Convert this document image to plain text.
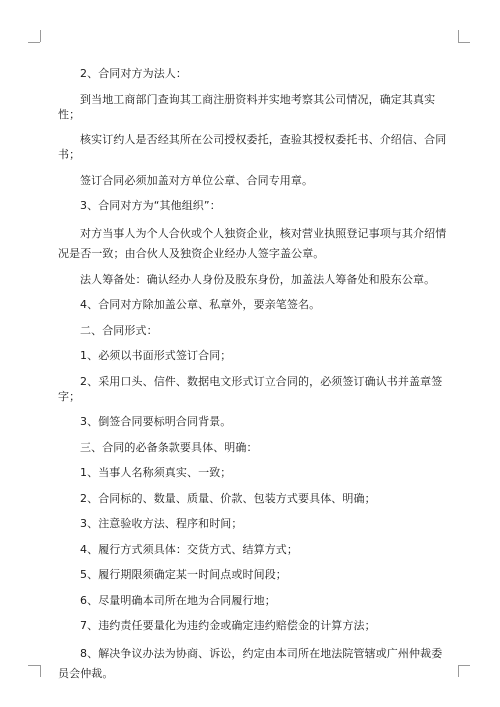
2、合同对方为法人：

到当地工商部门查询其工商注册资料并实地考察其公司情况，确定其真实性；

核实订约人是否经其所在公司授权委托，查验其授权委托书、介绍信、合同书；

签订合同必须加盖对方单位公章、合同专用章。

3、合同对方为“其他组织”：

对方当事人为个人合伙或个人独资企业，核对营业执照登记事项与其介绍情况是否一致；由合伙人及独资企业经办人签字盖公章。

法人筹备处：确认经办人身份及股东身份，加盖法人筹备处和股东公章。

4、合同对方除加盖公章、私章外，要亲笔签名。

二、合同形式：

1、必须以书面形式签订合同；

2、采用口头、信件、数据电文形式订立合同的，必须签订确认书并盖章签字；

3、倒签合同要标明合同背景。

三、合同的必备条款要具体、明确：

1、当事人名称须真实、一致；

2、合同标的、数量、质量、价款、包装方式要具体、明确；

3、注意验收方法、程序和时间；

4、履行方式须具体：交货方式、结算方式；

5、履行期限须确定某一时间点或时间段；

6、尽量明确本司所在地为合同履行地；

7、违约责任要量化为违约金或确定违约赔偿金的计算方法；

8、解决争议办法为协商、诉讼，约定由本司所在地法院管辖或广州仲裁委员会仲裁。
